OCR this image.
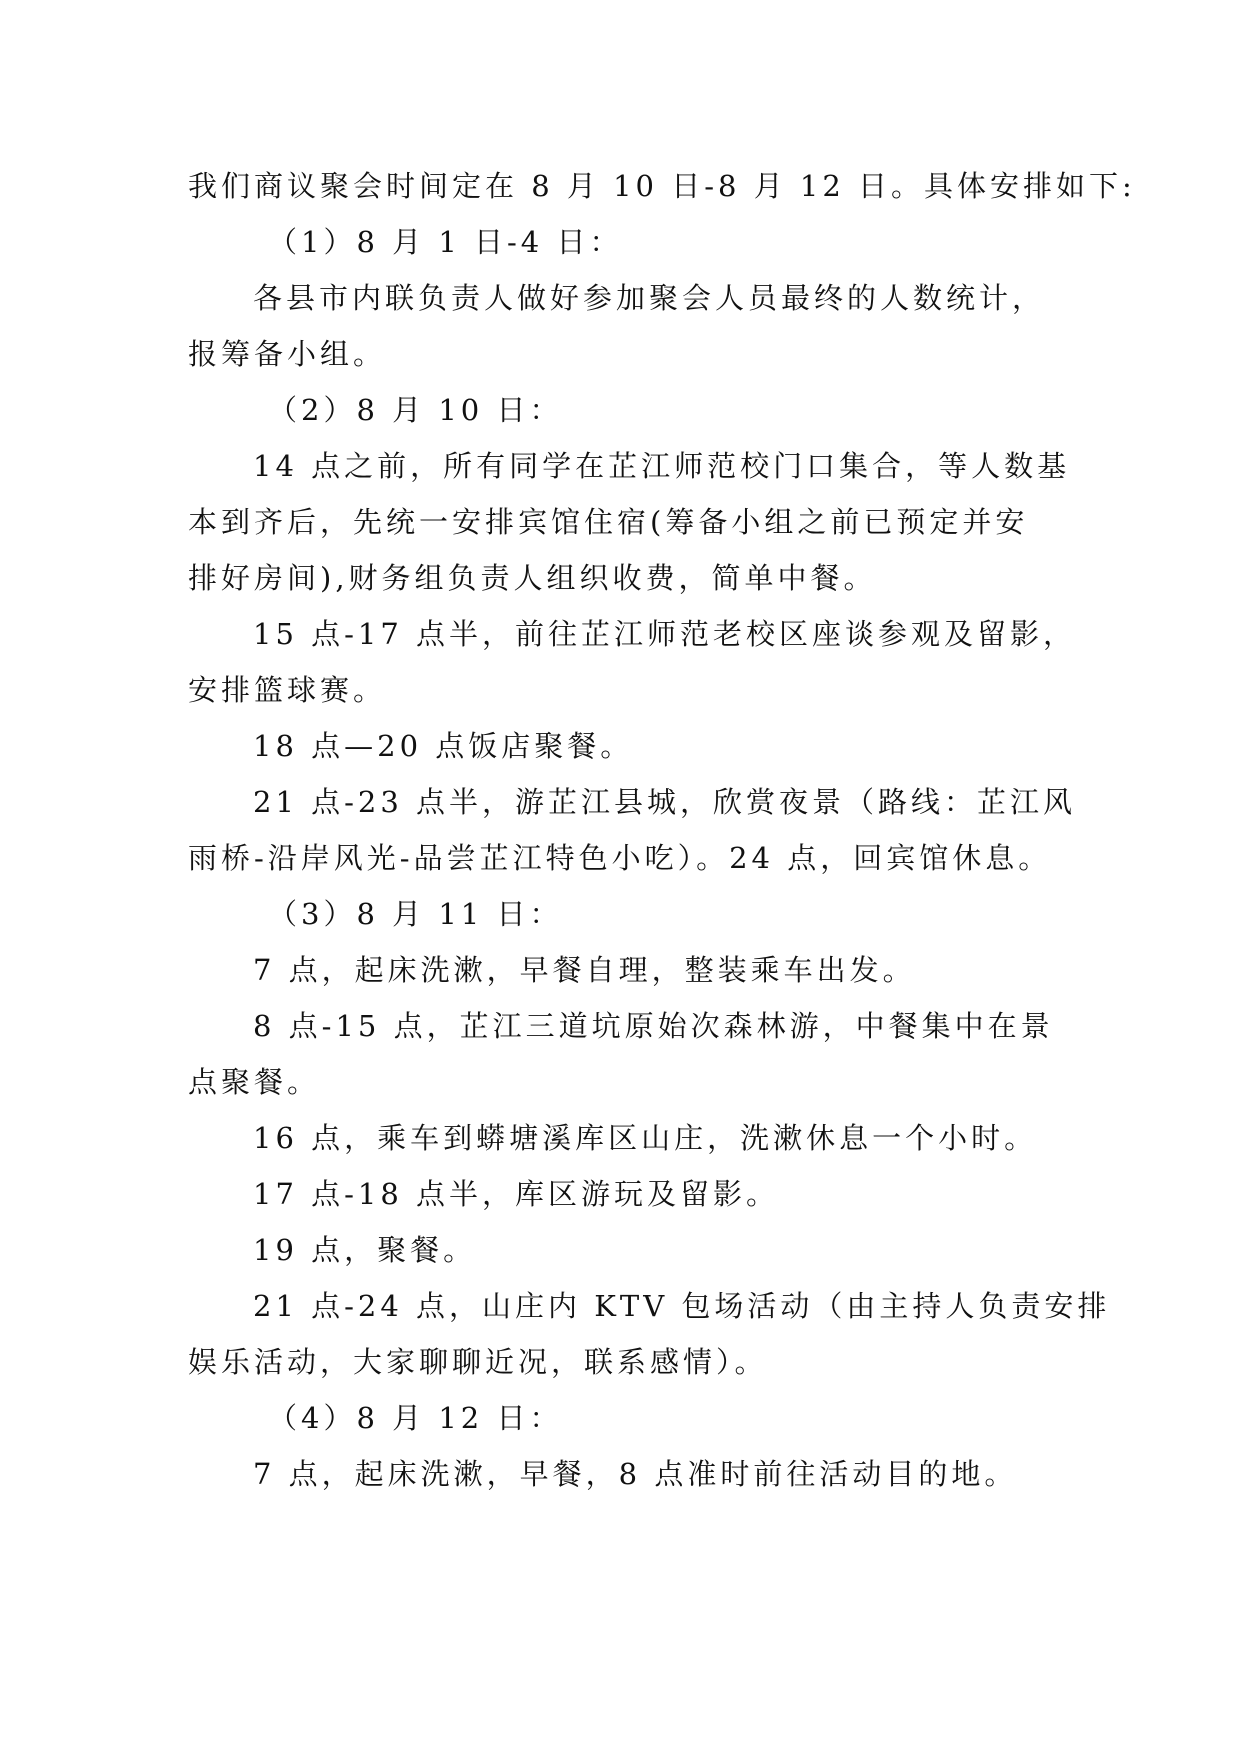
我们商议聚会时间定在 8 月 10 日-8 月 12 日。具体安排如下:
（1）8 月 1 日-4 日：
各县市内联负责人做好参加聚会人员最终的人数统计，
报筹备小组。
（2）8 月 10 日：
14 点之前，所有同学在芷江师范校门口集合，等人数基
本到齐后，先统一安排宾馆住宿(筹备小组之前已预定并安
排好房间),财务组负责人组织收费，简单中餐。
15 点-17 点半，前往芷江师范老校区座谈参观及留影，
安排篮球赛。
18 点—20 点饭店聚餐。
21 点-23 点半，游芷江县城，欣赏夜景（路线：芷江风
雨桥-沿岸风光-品尝芷江特色小吃）。24 点，回宾馆休息。
（3）8 月 11 日：
7 点，起床洗漱，早餐自理，整装乘车出发。
8 点-15 点，芷江三道坑原始次森林游，中餐集中在景
点聚餐。
16 点，乘车到蟒塘溪库区山庄，洗漱休息一个小时。
17 点-18 点半，库区游玩及留影。
19 点，聚餐。
21 点-24 点，山庄内 KTV 包场活动（由主持人负责安排
娱乐活动，大家聊聊近况，联系感情）。
（4）8 月 12 日：
7 点，起床洗漱，早餐，8 点准时前往活动目的地。
